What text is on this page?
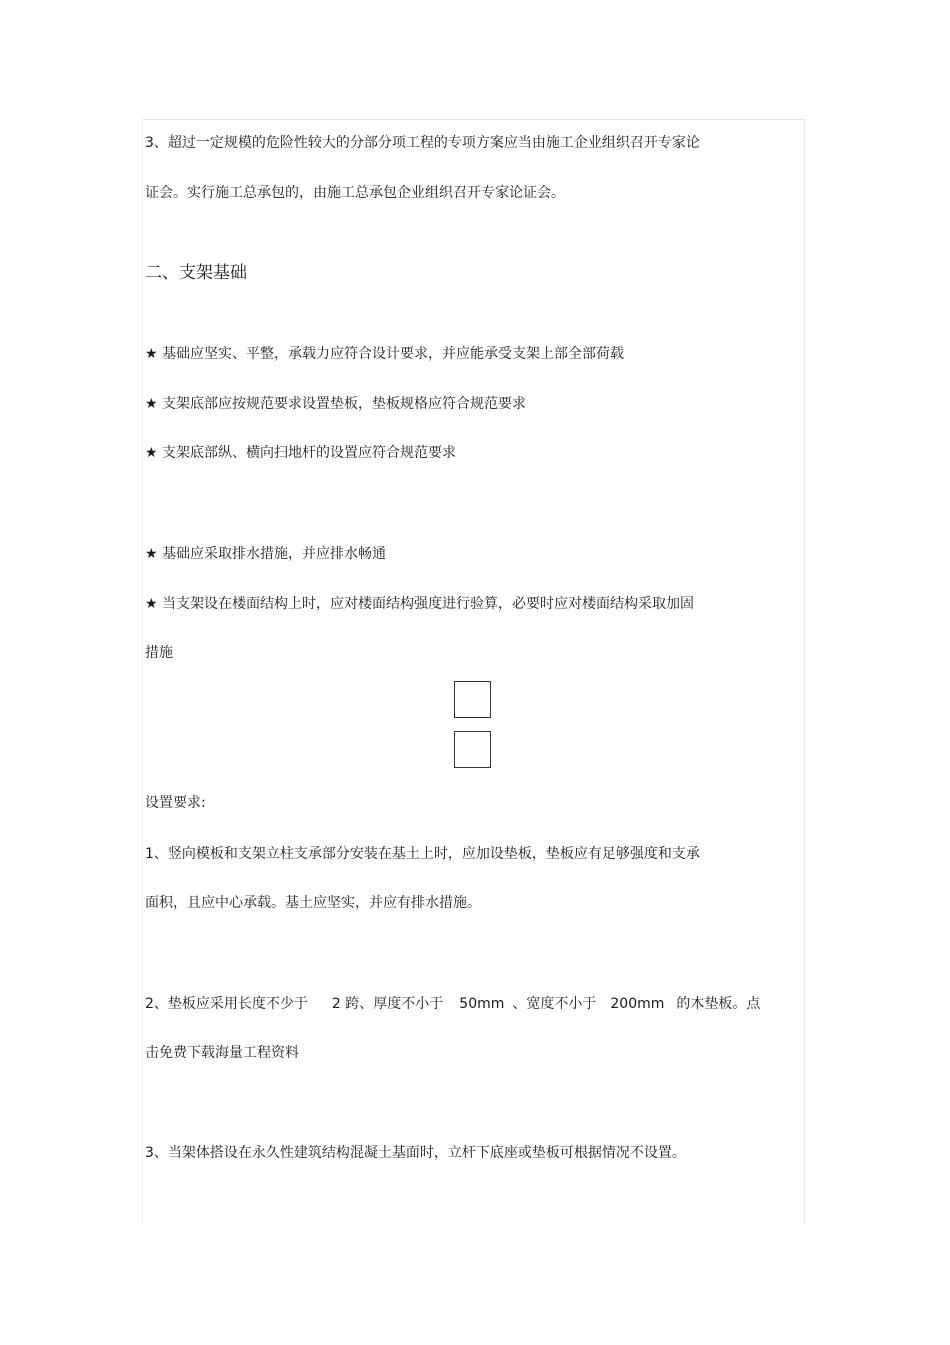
3、超过一定规模的危险性较大的分部分项工程的专项方案应当由施工企业组织召开专家论
证会。实行施工总承包的，由施工总承包企业组织召开专家论证会。
二、支架基础
★ 基础应坚实、平整，承载力应符合设计要求，并应能承受支架上部全部荷载
★ 支架底部应按规范要求设置垫板，垫板规格应符合规范要求
★ 支架底部纵、横向扫地杆的设置应符合规范要求
★ 基础应采取排水措施，并应排水畅通
★ 当支架设在楼面结构上时，应对楼面结构强度进行验算，必要时应对楼面结构采取加固
措施
设置要求:
1、竖向模板和支架立柱支承部分安装在基土上时，应加设垫板，垫板应有足够强度和支承
面积，且应中心承载。基土应坚实，并应有排水措施。
2、垫板应采用长度不少于 2 跨、厚度不小于 50mm 、宽度不小于 200mm 的木垫板。点
击免费下载海量工程资料
3、当架体搭设在永久性建筑结构混凝土基面时，立杆下底座或垫板可根据情况不设置。
